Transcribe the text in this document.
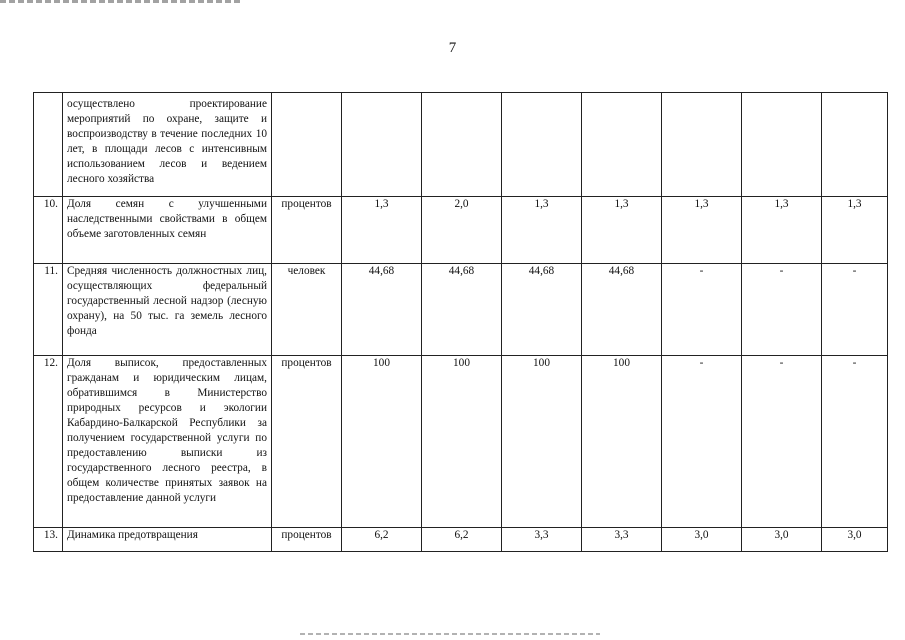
7
	осуществлено проектирование мероприятий по охране, защите и воспроизводству в течение последних 10 лет, в площади лесов с интенсивным использованием лесов и ведением лесного хозяйства								
10.	Доля семян с улучшенными наследственными свойствами в общем объеме заготовленных семян	процентов	1,3	2,0	1,3	1,3	1,3	1,3	1,3
11.	Средняя численность должностных лиц, осуществляющих федеральный государственный лесной надзор (лесную охрану), на 50 тыс. га земель лесного фонда	человек	44,68	44,68	44,68	44,68	-	-	-
12.	Доля выписок, предоставленных гражданам и юридическим лицам, обратившимся в Министерство природных ресурсов и экологии Кабардино-Балкарской Республики за получением государственной услуги по предоставлению выписки из государственного лесного реестра, в общем количестве принятых заявок на предоставление данной услуги	процентов	100	100	100	100	-	-	-
13.	Динамика предотвращения	процентов	6,2	6,2	3,3	3,3	3,0	3,0	3,0
